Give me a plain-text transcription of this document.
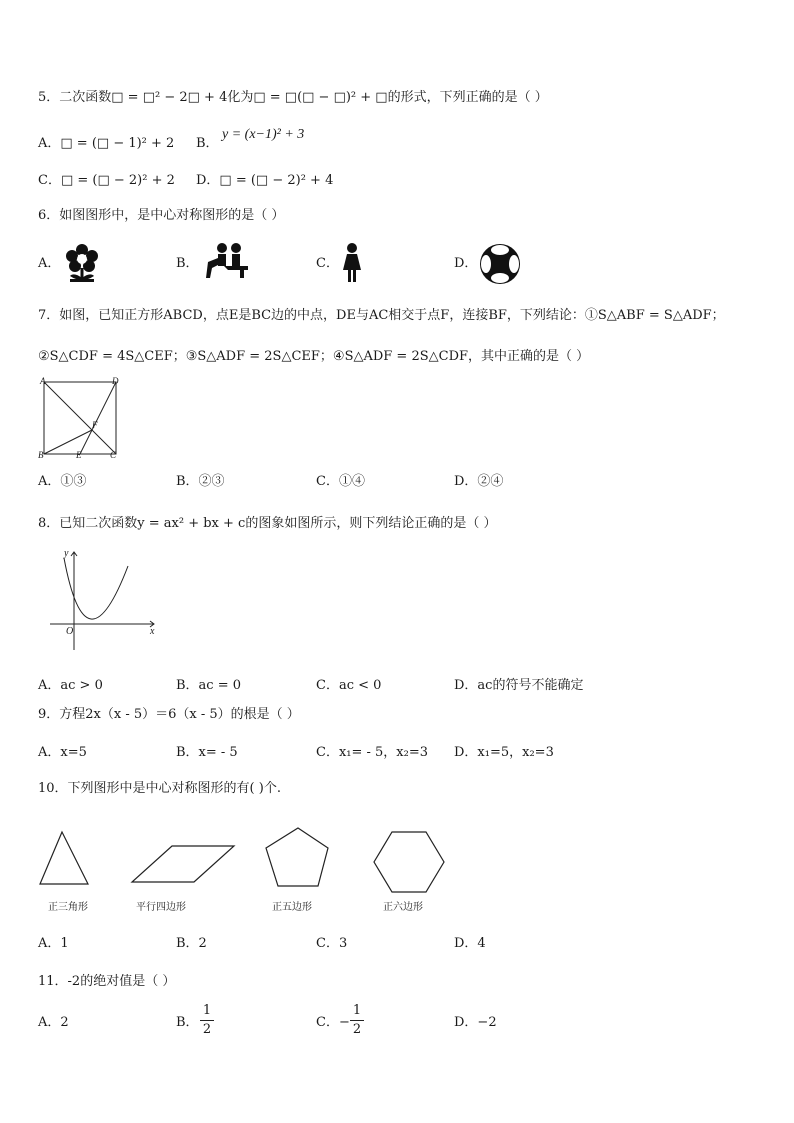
5．二次函数□ = □² − 2□ + 4化为□ = □(□ − □)² + □的形式，下列正确的是（ ）
A．□ = (□ − 1)² + 2 B．
y = (x−1)² + 3
C．□ = (□ − 2)² + 2 D．□ = (□ − 2)² + 4
6．如图图形中，是中心对称图形的是（ ）
A．	B．	C．	D．
7．如图，已知正方形ABCD，点E是BC边的中点，DE与AC相交于点F，连接BF，下列结论：①S△ABF = S△ADF；
②S△CDF = 4S△CEF；③S△ADF = 2S△CEF；④S△ADF = 2S△CDF，其中正确的是（ ）
A	D
F
B	E	C
A．①③	B．②③	C．①④	D．②④
8．已知二次函数y = ax² + bx + c的图象如图所示，则下列结论正确的是（ ）
y
x
O
A．ac > 0	B．ac = 0	C．ac < 0	D．ac的符号不能确定
9．方程2x（x - 5）＝6（x - 5）的根是（ ）
A．x=5	B．x= - 5	C．x₁= - 5，x₂=3 D．x₁=5，x₂=3
10．下列图形中是中心对称图形的有( )个.
正三角形	平行四边形	正五边形	正六边形
A．1	B．2	C．3	D．4
11．-2的绝对值是（ ）
A．2	B．
1
2	C．−
1
2	D．−2
